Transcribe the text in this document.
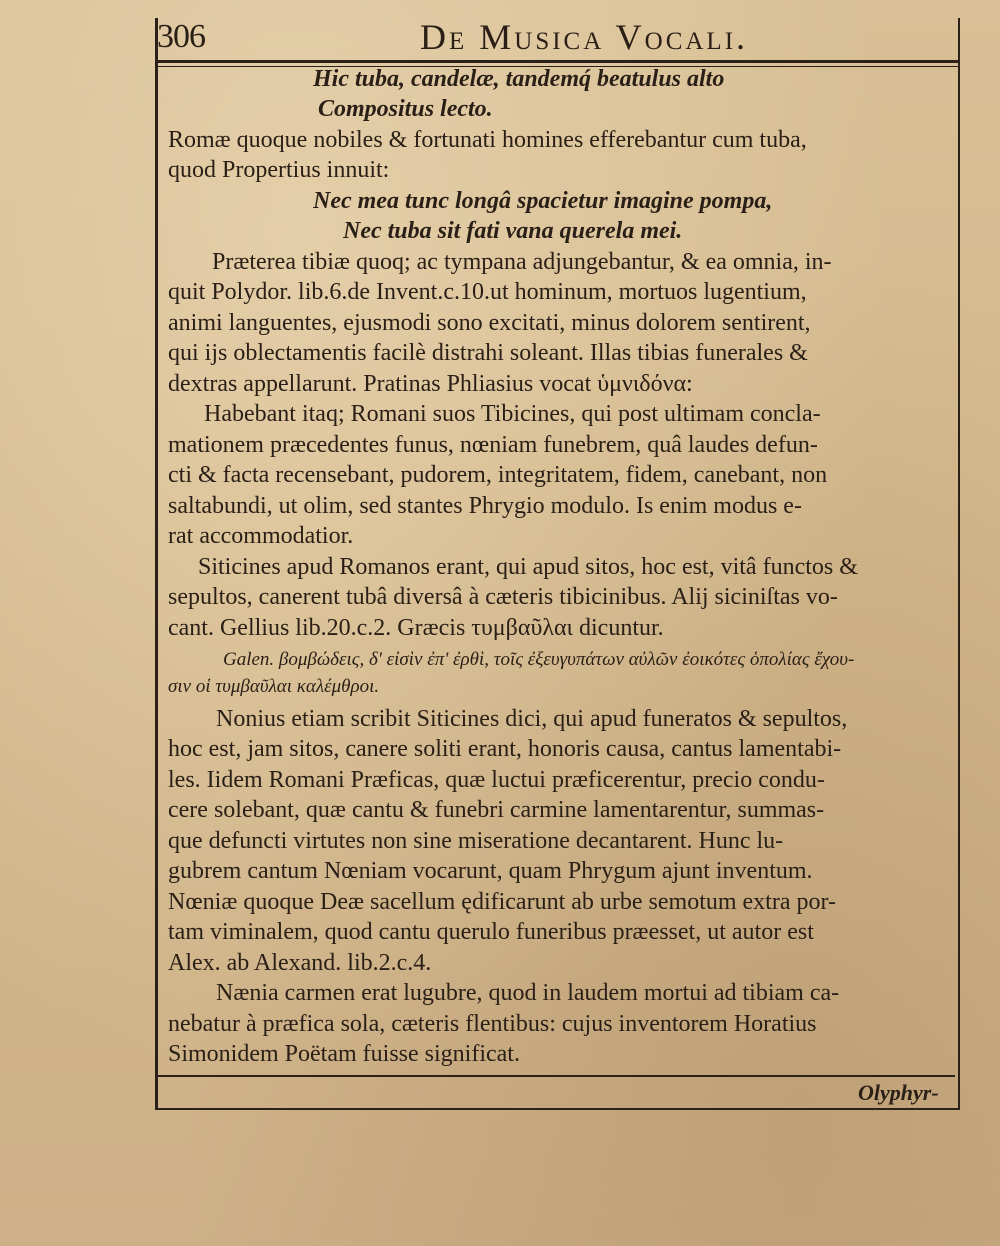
306	De Musica Vocali.
Hic tuba, candelæ, tandemq́ beatulus alto
Compositus lecto.
Romæ quoque nobiles & fortunati homines efferebantur cum tuba,
quod Propertius innuit:
Nec mea tunc longâ spacietur imagine pompa,
Nec tuba sit fati vana querela mei.
Præterea tibiæ quoq; ac tympana adjungebantur, & ea omnia, in-
quit Polydor. lib.6.de Invent.c.10.ut hominum, mortuos lugentium,
animi languentes, ejusmodi sono excitati, minus dolorem sentirent,
qui ijs oblectamentis facilè distrahi soleant. Illas tibias funerales &
dextras appellarunt. Pratinas Phliasius vocat ὑμνιδόνα:
Habebant itaq; Romani suos Tibicines, qui post ultimam concla-
mationem præcedentes funus, nœniam funebrem, quâ laudes defun-
cti & facta recensebant, pudorem, integritatem, fidem, canebant, non
saltabundi, ut olim, sed stantes Phrygio modulo. Is enim modus e-
rat accommodatior.
Siticines apud Romanos erant, qui apud sitos, hoc est, vitâ functos &
sepultos, canerent tubâ diversâ à cæteris tibicinibus. Alij siciniſtas vo-
cant. Gellius lib.20.c.2. Græcis τυμβαῦλαι dicuntur.
Galen. βομβώδεις, δ' εἰσὶν ἐπ' ἐρθὶ, τοῖς ἐξευγυπάτων αὐλῶν ἐοικότες ὁπολίας ἔχου-
σιν οἱ τυμβαῦλαι καλέμθροι.
Nonius etiam scribit Siticines dici, qui apud funeratos & sepultos,
hoc est, jam sitos, canere soliti erant, honoris causa, cantus lamentabi-
les. Iidem Romani Præficas, quæ luctui præficerentur, precio condu-
cere solebant, quæ cantu & funebri carmine lamentarentur, summas-
que defuncti virtutes non sine miseratione decantarent. Hunc lu-
gubrem cantum Nœniam vocarunt, quam Phrygum ajunt inventum.
Nœniæ quoque Deæ sacellum ędificarunt ab urbe semotum extra por-
tam viminalem, quod cantu querulo funeribus præesset, ut autor est
Alex. ab Alexand. lib.2.c.4.
Nænia carmen erat lugubre, quod in laudem mortui ad tibiam ca-
nebatur à præfica sola, cæteris flentibus: cujus inventorem Horatius
Simonidem Poëtam fuisse significat.
Olyphyr-
